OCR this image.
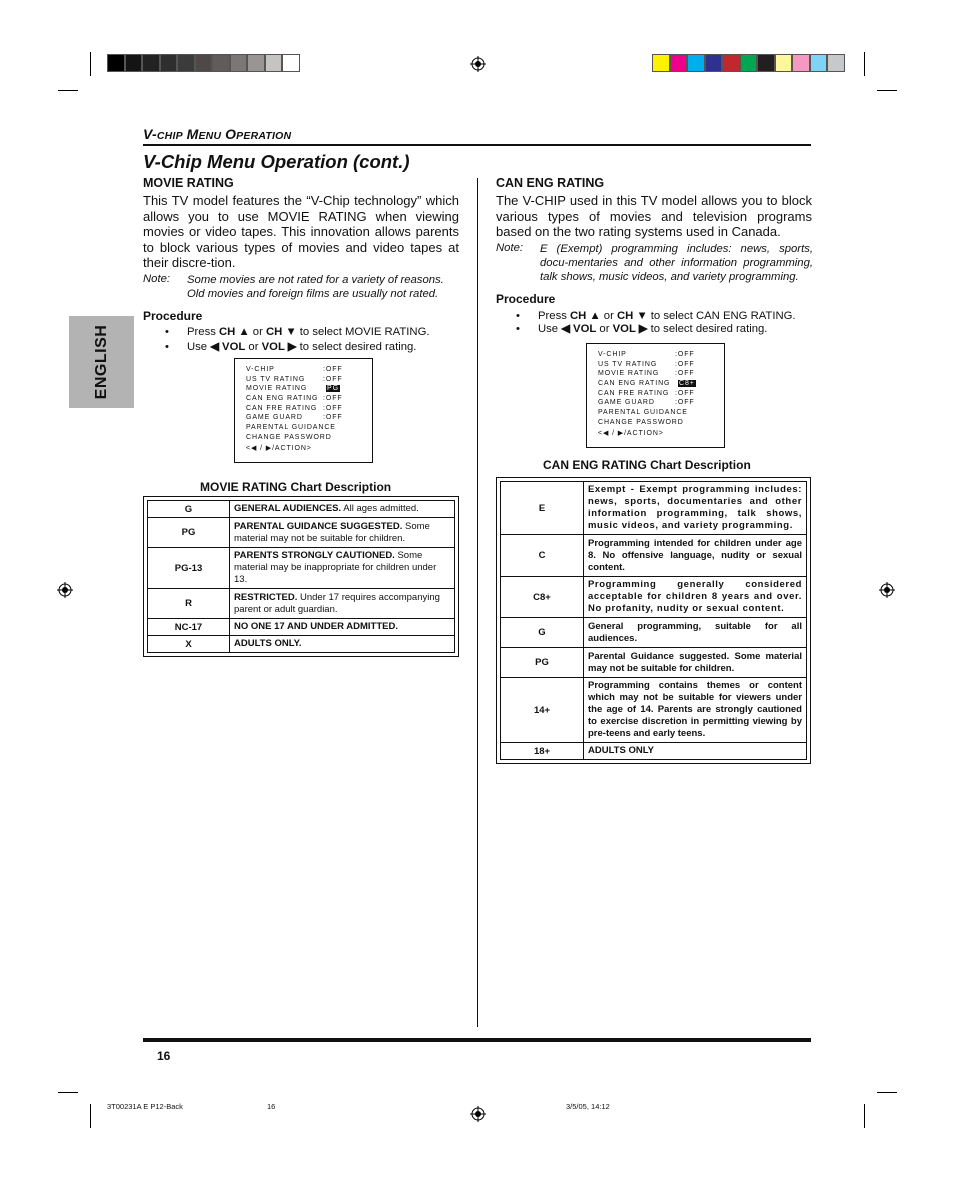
V-CHIP MENU OPERATION
V-Chip Menu Operation (cont.)
ENGLISH
MOVIE RATING
This TV model features the “V-Chip technology” which allows you to use MOVIE RATING when viewing movies or video tapes. This innovation allows parents to block various types of movies and video tapes at their discre-tion.
Note: Some movies are not rated for a variety of reasons. Old movies and foreign films are usually not rated.
Procedure
• Press CH ▲ or CH ▼ to select MOVIE RATING.
• Use ◀ VOL or VOL ▶ to select desired rating.
V-CHIP	:OFF
US TV RATING	:OFF
MOVIE RATING	PG
CAN ENG RATING :OFF
CAN FRE RATING :OFF
GAME GUARD	:OFF
PARENTAL GUIDANCE
CHANGE PASSWORD
<◀ / ▶/ACTION>
MOVIE RATING Chart Description
G	GENERAL AUDIENCES. All ages admitted.
PG	PARENTAL GUIDANCE SUGGESTED. Some material may not be suitable for children.
PG-13	PARENTS STRONGLY CAUTIONED. Some material may be inappropriate for children under 13.
R	RESTRICTED. Under 17 requires accompanying parent or adult guardian.
NC-17	NO ONE 17 AND UNDER ADMITTED.
X	ADULTS ONLY.
CAN ENG RATING
The V-CHIP used in this TV model allows you to block various types of movies and television programs based on the two rating systems used in Canada.
Note: E (Exempt) programming includes: news, sports, docu-mentaries and other information programming, talk shows, music videos, and variety programming.
Procedure
• Press CH ▲ or CH ▼ to select CAN ENG RATING.
• Use ◀ VOL or VOL ▶ to select desired rating.
V-CHIP	:OFF
US TV RATING	:OFF
MOVIE RATING :OFF
CAN ENG RATING C8+
CAN FRE RATING :OFF
GAME GUARD	:OFF
PARENTAL GUIDANCE
CHANGE PASSWORD
<◀ / ▶/ACTION>
CAN ENG RATING Chart Description
E	Exempt - Exempt programming includes: news, sports, documentaries and other information programming, talk shows, music videos, and variety programming.
C	Programming intended for children under age 8. No offensive language, nudity or sexual content.
C8+	Programming generally considered acceptable for children 8 years and over. No profanity, nudity or sexual content.
G	General programming, suitable for all audiences.
PG	Parental Guidance suggested. Some material may not be suitable for children.
14+	Programming contains themes or content which may not be suitable for viewers under the age of 14. Parents are strongly cautioned to exercise discretion in permitting viewing by pre-teens and early teens.
18+	ADULTS ONLY
16
3T00231A E P12-Back	16	3/5/05, 14:12
